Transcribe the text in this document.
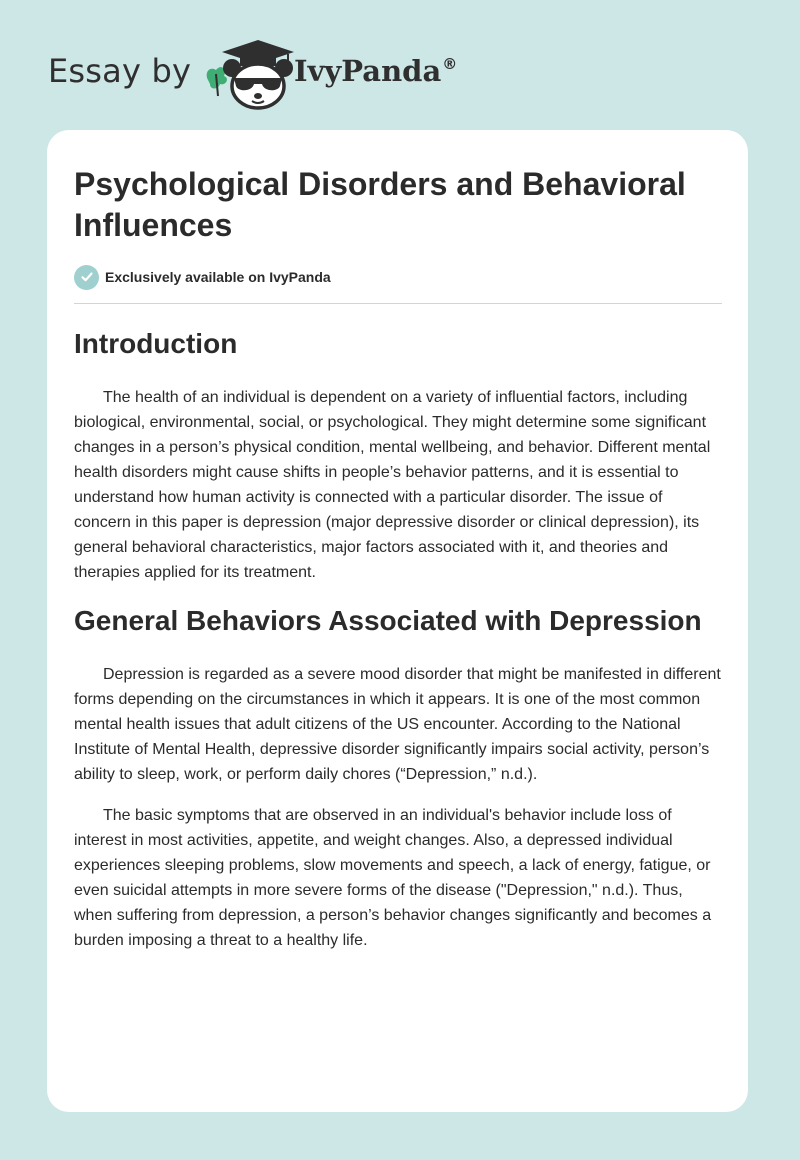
Essay by	IvyPanda®
Psychological Disorders and Behavioral Influences
Exclusively available on IvyPanda
Introduction

The health of an individual is dependent on a variety of influential factors, including biological, environmental, social, or psychological. They might determine some significant changes in a person’s physical condition, mental wellbeing, and behavior. Different mental health disorders might cause shifts in people’s behavior patterns, and it is essential to understand how human activity is connected with a particular disorder. The issue of concern in this paper is depression (major depressive disorder or clinical depression), its general behavioral characteristics, major factors associated with it, and theories and therapies applied for its treatment.

General Behaviors Associated with Depression

Depression is regarded as a severe mood disorder that might be manifested in different forms depending on the circumstances in which it appears. It is one of the most common mental health issues that adult citizens of the US encounter. According to the National Institute of Mental Health, depressive disorder significantly impairs social activity, person’s ability to sleep, work, or perform daily chores (“Depression,” n.d.).

The basic symptoms that are observed in an individual's behavior include loss of interest in most activities, appetite, and weight changes. Also, a depressed individual experiences sleeping problems, slow movements and speech, a lack of energy, fatigue, or even suicidal attempts in more severe forms of the disease ("Depression," n.d.). Thus, when suffering from depression, a person’s behavior changes significantly and becomes a burden imposing a threat to a healthy life.
